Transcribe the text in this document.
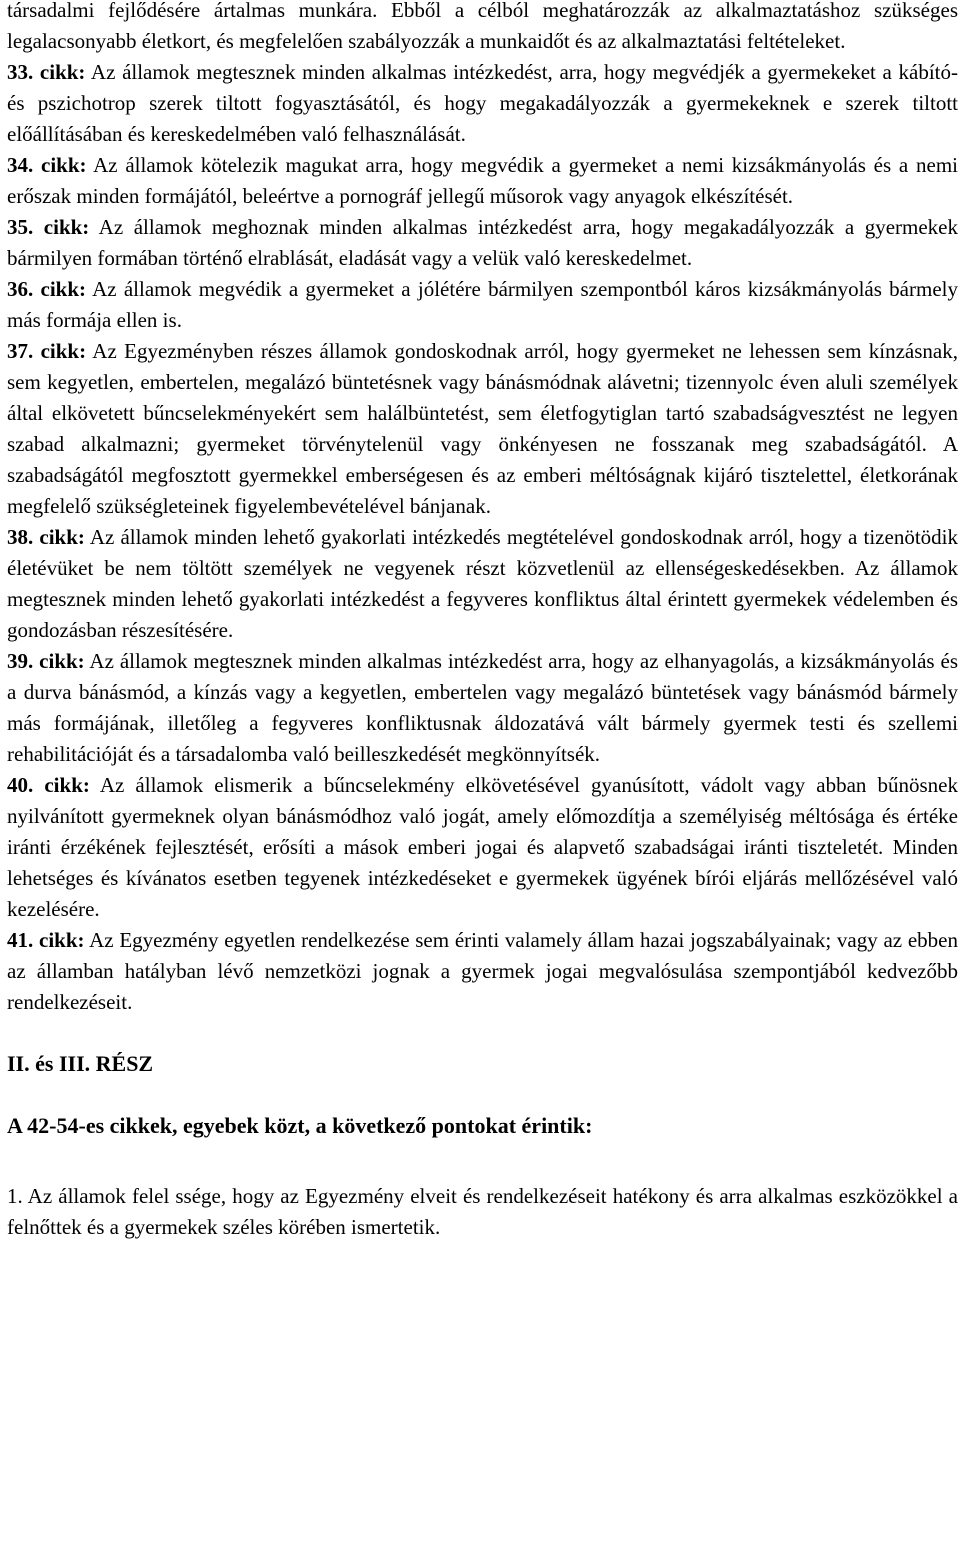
társadalmi fejlődésére ártalmas munkára. Ebből a célból meghatározzák az alkalmaztatáshoz szükséges legalacsonyabb életkort, és megfelelően szabályozzák a munkaidőt és az alkalmaztatási feltételeket.

33. cikk: Az államok megtesznek minden alkalmas intézkedést, arra, hogy megvédjék a gyermekeket a kábító- és pszichotrop szerek tiltott fogyasztásától, és hogy megakadályozzák a gyermekeknek e szerek tiltott előállításában és kereskedelmében való felhasználását.

34. cikk: Az államok kötelezik magukat arra, hogy megvédik a gyermeket a nemi kizsákmányolás és a nemi erőszak minden formájától, beleértve a pornográf jellegű műsorok vagy anyagok elkészítését.

35. cikk: Az államok meghoznak minden alkalmas intézkedést arra, hogy megakadályozzák a gyermekek bármilyen formában történő elrablását, eladását vagy a velük való kereskedelmet.

36. cikk: Az államok megvédik a gyermeket a jólétére bármilyen szempontból káros kizsákmányolás bármely más formája ellen is.

37. cikk: Az Egyezményben részes államok gondoskodnak arról, hogy gyermeket ne lehessen sem kínzásnak, sem kegyetlen, embertelen, megalázó büntetésnek vagy bánásmódnak alávetni; tizennyolc éven aluli személyek által elkövetett bűncselekményekért sem halálbüntetést, sem életfogytiglan tartó szabadságvesztést ne legyen szabad alkalmazni; gyermeket törvénytelenül vagy önkényesen ne fosszanak meg szabadságától. A szabadságától megfosztott gyermekkel emberségesen és az emberi méltóságnak kijáró tisztelettel, életkorának megfelelő szükségleteinek figyelembevételével bánjanak.

38. cikk: Az államok minden lehető gyakorlati intézkedés megtételével gondoskodnak arról, hogy a tizenötödik életévüket be nem töltött személyek ne vegyenek részt közvetlenül az ellenségeskedésekben. Az államok megtesznek minden lehető gyakorlati intézkedést a fegyveres konfliktus által érintett gyermekek védelemben és gondozásban részesítésére.

39. cikk: Az államok megtesznek minden alkalmas intézkedést arra, hogy az elhanyagolás, a kizsákmányolás és a durva bánásmód, a kínzás vagy a kegyetlen, embertelen vagy megalázó büntetések vagy bánásmód bármely más formájának, illetőleg a fegyveres konfliktusnak áldozatává vált bármely gyermek testi és szellemi rehabilitációját és a társadalomba való beilleszkedését megkönnyítsék.

40. cikk: Az államok elismerik a bűncselekmény elkövetésével gyanúsított, vádolt vagy abban bűnösnek nyilvánított gyermeknek olyan bánásmódhoz való jogát, amely előmozdítja a személyiség méltósága és értéke iránti érzékének fejlesztését, erősíti a mások emberi jogai és alapvető szabadságai iránti tiszteletét. Minden lehetséges és kívánatos esetben tegyenek intézkedéseket e gyermekek ügyének bírói eljárás mellőzésével való kezelésére.

41. cikk: Az Egyezmény egyetlen rendelkezése sem érinti valamely állam hazai jogszabályainak; vagy az ebben az államban hatályban lévő nemzetközi jognak a gyermek jogai megvalósulása szempontjából kedvezőbb rendelkezéseit.

II. és III. RÉSZ
A 42-54-es cikkek, egyebek közt, a következő pontokat érintik:

1. Az államok felel ssége, hogy az Egyezmény elveit és rendelkezéseit hatékony és arra alkalmas eszközökkel a felnőttek és a gyermekek széles körében ismertetik.
